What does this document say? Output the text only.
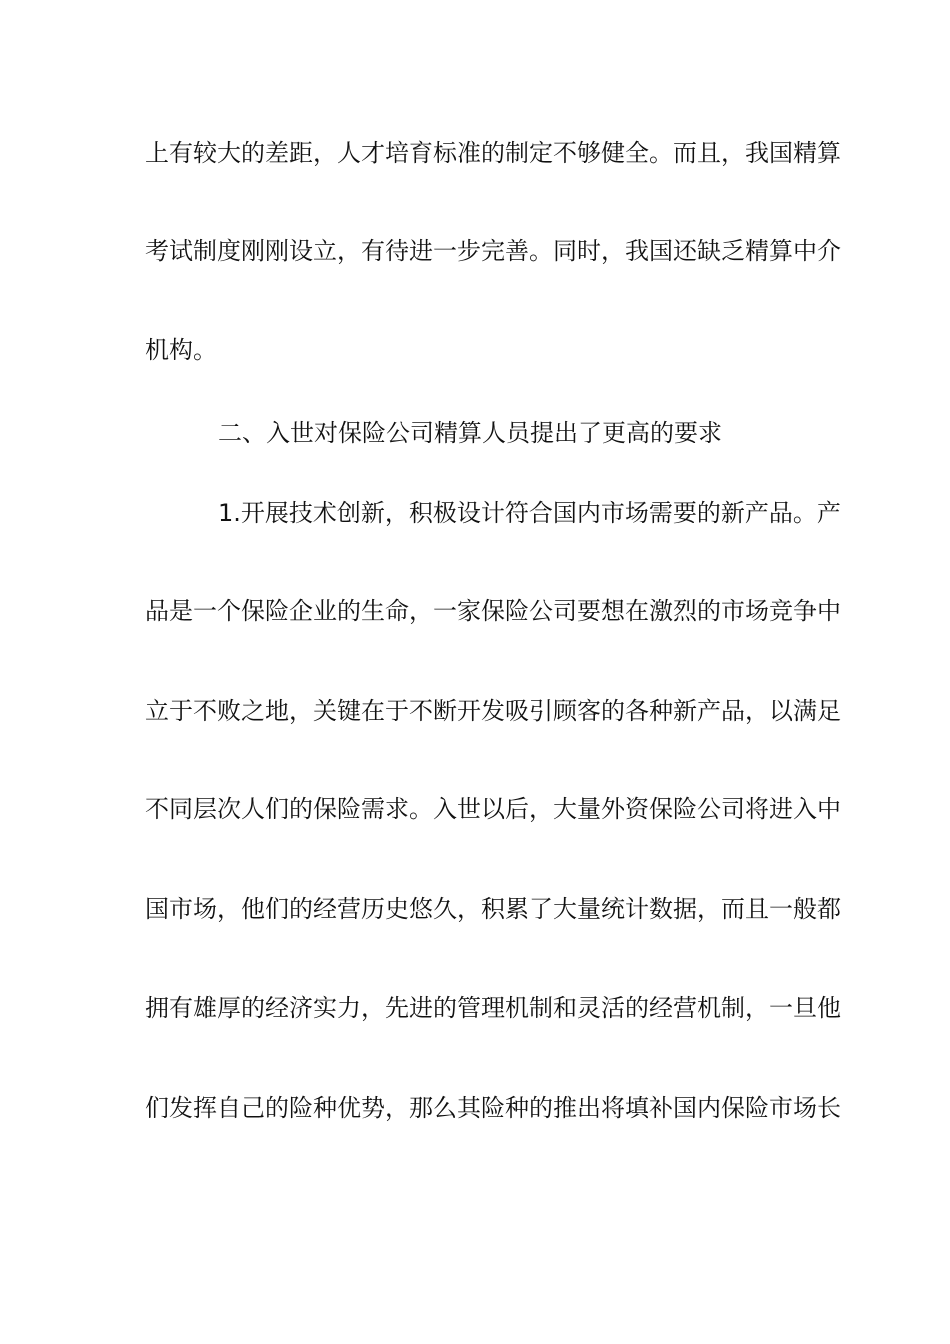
上有较大的差距，人才培育标准的制定不够健全。而且，我国精算
考试制度刚刚设立，有待进一步完善。同时，我国还缺乏精算中介
机构。
二、入世对保险公司精算人员提出了更高的要求
1.开展技术创新，积极设计符合国内市场需要的新产品。产
品是一个保险企业的生命，一家保险公司要想在激烈的市场竞争中
立于不败之地，关键在于不断开发吸引顾客的各种新产品，以满足
不同层次人们的保险需求。入世以后，大量外资保险公司将进入中
国市场，他们的经营历史悠久，积累了大量统计数据，而且一般都
拥有雄厚的经济实力，先进的管理机制和灵活的经营机制，一旦他
们发挥自己的险种优势，那么其险种的推出将填补国内保险市场长
